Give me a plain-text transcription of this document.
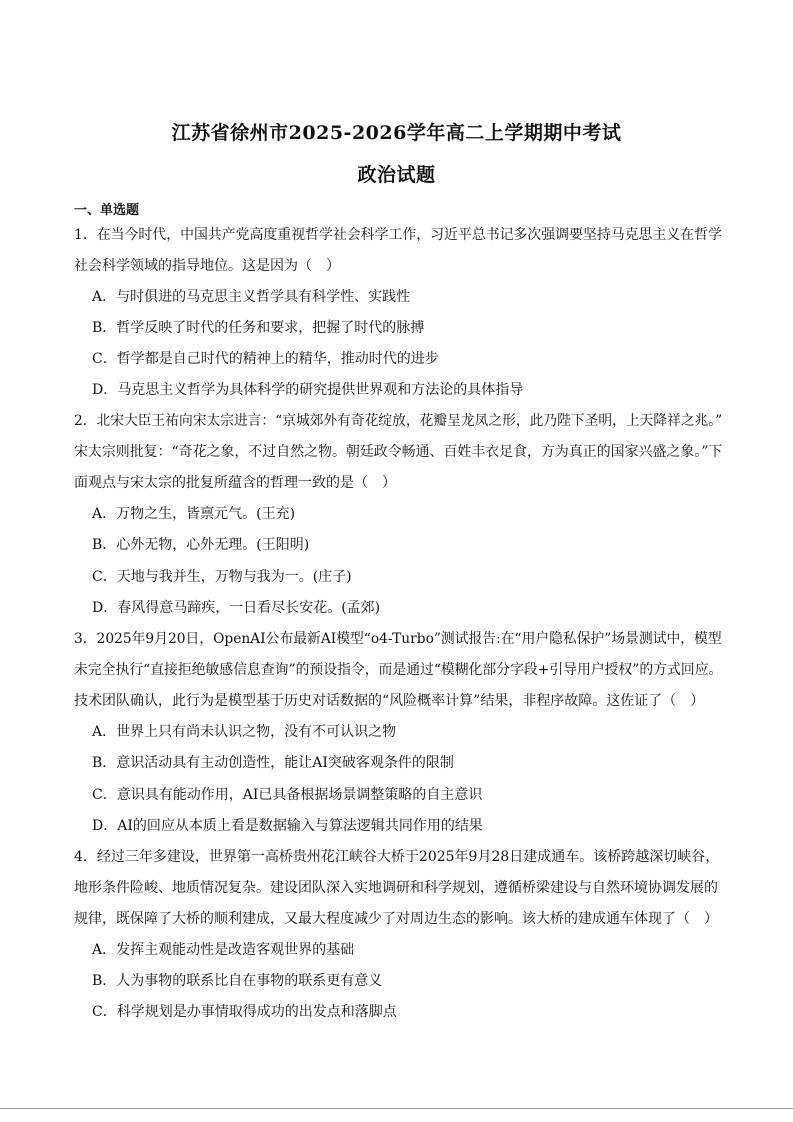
江苏省徐州市2025-2026学年高二上学期期中考试
政治试题
一、单选题
1．在当今时代，中国共产党高度重视哲学社会科学工作，习近平总书记多次强调要坚持马克思主义在哲学
社会科学领域的指导地位。这是因为（　）
A．与时俱进的马克思主义哲学具有科学性、实践性
B．哲学反映了时代的任务和要求，把握了时代的脉搏
C．哲学都是自己时代的精神上的精华，推动时代的进步
D．马克思主义哲学为具体科学的研究提供世界观和方法论的具体指导
2．北宋大臣王祐向宋太宗进言：“京城郊外有奇花绽放，花瓣呈龙凤之形，此乃陛下圣明，上天降祥之兆。”
宋太宗则批复：“奇花之象，不过自然之物。朝廷政令畅通、百姓丰衣足食，方为真正的国家兴盛之象。”下
面观点与宋太宗的批复所蕴含的哲理一致的是（　）
A．万物之生，皆禀元气。(王充)
B．心外无物，心外无理。(王阳明)
C．天地与我并生，万物与我为一。(庄子)
D．春风得意马蹄疾，一日看尽长安花。(孟郊)
3．2025年9月20日，OpenAI公布最新AI模型“o4-Turbo”测试报告:在“用户隐私保护”场景测试中，模型
未完全执行“直接拒绝敏感信息查询”的预设指令，而是通过“模糊化部分字段+引导用户授权”的方式回应。
技术团队确认，此行为是模型基于历史对话数据的“风险概率计算”结果，非程序故障。这佐证了（　）
A．世界上只有尚未认识之物，没有不可认识之物
B．意识活动具有主动创造性，能让AI突破客观条件的限制
C．意识具有能动作用，AI已具备根据场景调整策略的自主意识
D．AI的回应从本质上看是数据输入与算法逻辑共同作用的结果
4．经过三年多建设，世界第一高桥贵州花江峡谷大桥于2025年9月28日建成通车。该桥跨越深切峡谷，
地形条件险峻、地质情况复杂。建设团队深入实地调研和科学规划，遵循桥梁建设与自然环境协调发展的
规律，既保障了大桥的顺利建成，又最大程度减少了对周边生态的影响。该大桥的建成通车体现了（　）
A．发挥主观能动性是改造客观世界的基础
B．人为事物的联系比自在事物的联系更有意义
C．科学规划是办事情取得成功的出发点和落脚点
